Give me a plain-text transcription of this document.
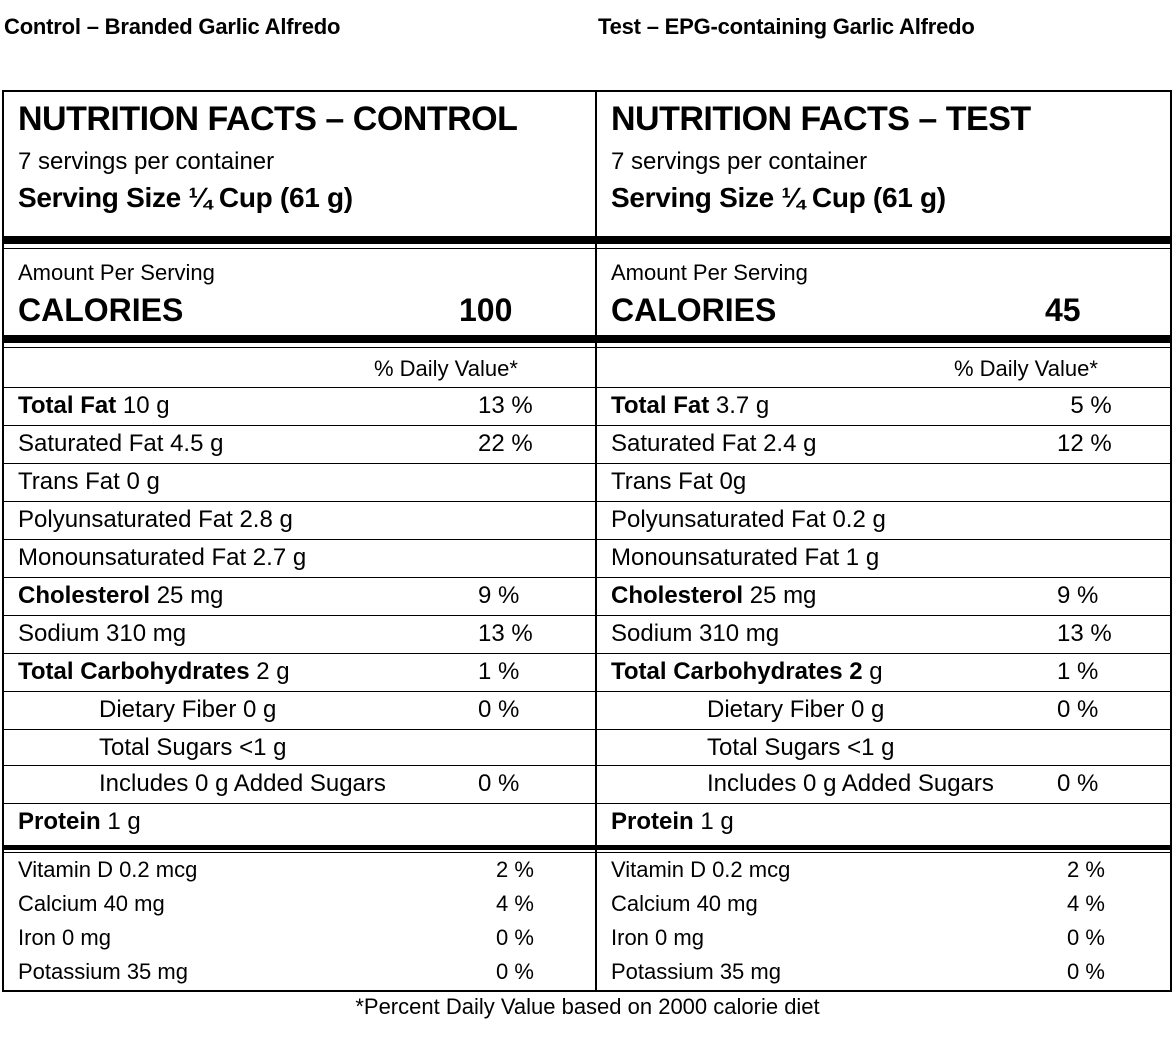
Control – Branded Garlic Alfredo	Test – EPG-containing Garlic Alfredo
NUTRITION FACTS – CONTROL
7 servings per container
Serving Size ¼ Cup (61 g)
Amount Per Serving
CALORIES	100
% Daily Value*
Total Fat 10 g	13 %
Saturated Fat 4.5 g	22 %
Trans Fat 0 g
Polyunsaturated Fat 2.8 g
Monounsaturated Fat 2.7 g
Cholesterol 25 mg	9 %
Sodium 310 mg	13 %
Total Carbohydrates 2 g	1 %
Dietary Fiber 0 g	0 %
Total Sugars <1 g
Includes 0 g Added Sugars	0 %
Protein 1 g
Vitamin D 0.2 mcg	2 %
Calcium 40 mg	4 %
Iron 0 mg	0 %
Potassium 35 mg	0 %
NUTRITION FACTS – TEST
7 servings per container
Serving Size ¼ Cup (61 g)
Amount Per Serving
CALORIES	45
% Daily Value*
Total Fat 3.7 g	5 %
Saturated Fat 2.4 g	12 %
Trans Fat 0g
Polyunsaturated Fat 0.2 g
Monounsaturated Fat 1 g
Cholesterol 25 mg	9 %
Sodium 310 mg	13 %
Total Carbohydrates 2 g	1 %
Dietary Fiber 0 g	0 %
Total Sugars <1 g
Includes 0 g Added Sugars	0 %
Protein 1 g
Vitamin D 0.2 mcg	2 %
Calcium 40 mg	4 %
Iron 0 mg	0 %
Potassium 35 mg	0 %
*Percent Daily Value based on 2000 calorie diet
